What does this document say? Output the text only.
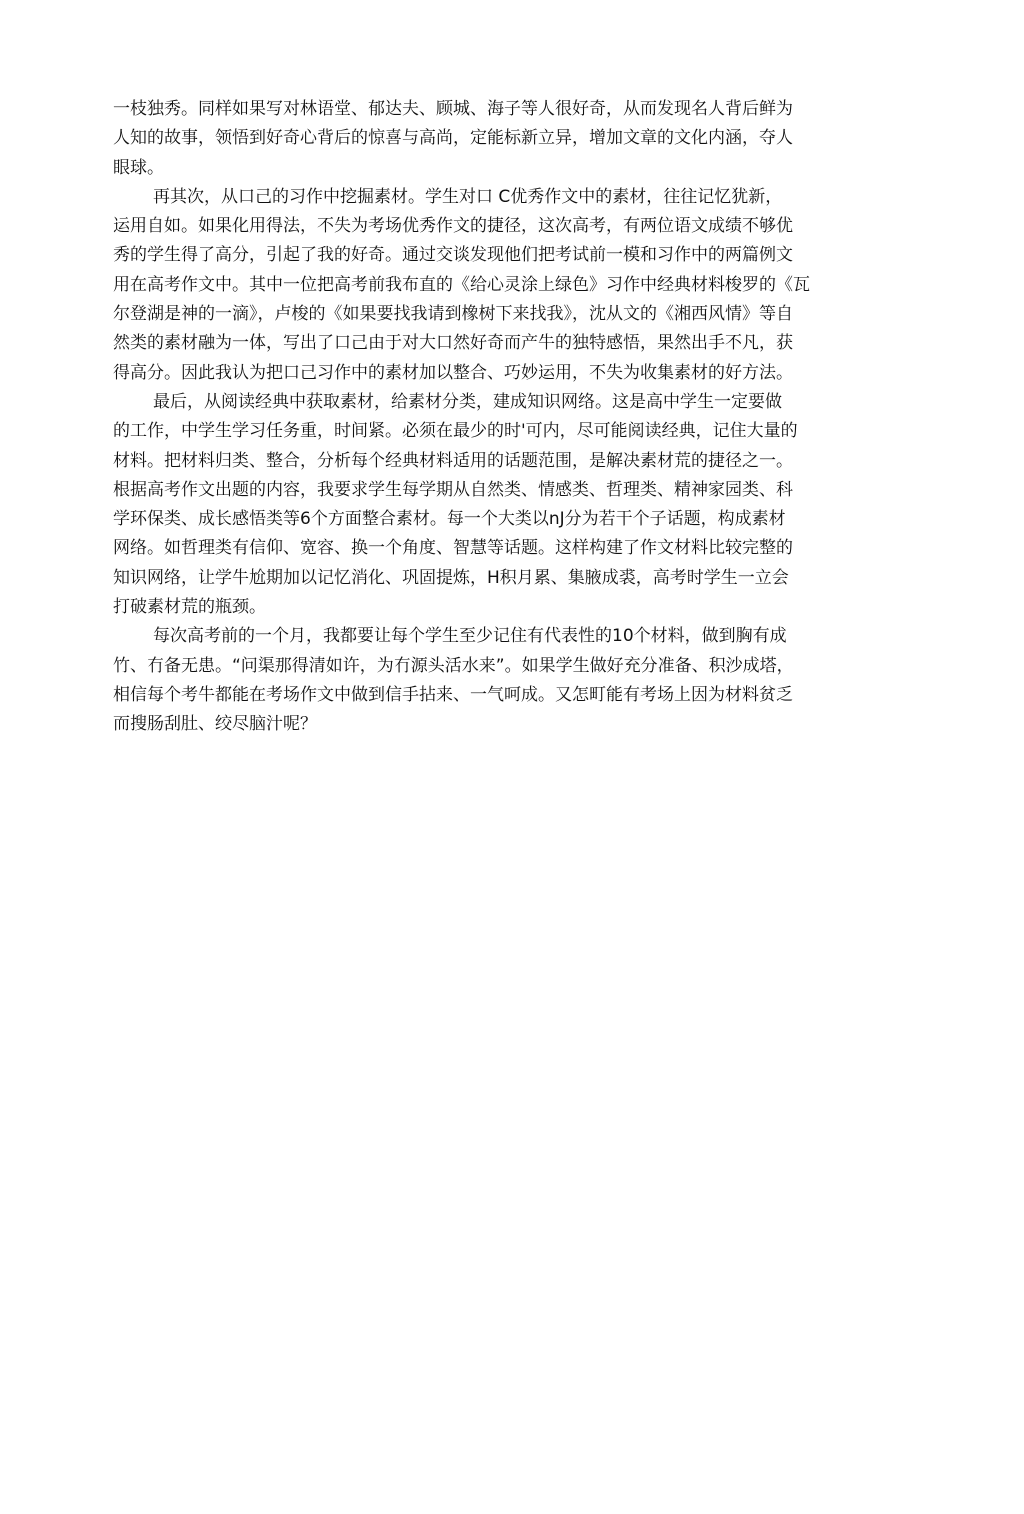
一枝独秀。同样如果写对林语堂、郁达夫、顾城、海子等人很好奇，从而发现名人背后鲜为
人知的故事，领悟到好奇心背后的惊喜与高尚，定能标新立异，增加文章的文化内涵，夺人
眼球。
再其次，从口己的习作中挖掘素材。学生对口 C优秀作文中的素材，往往记忆犹新，
运用自如。如果化用得法，不失为考场优秀作文的捷径，这次高考，有两位语文成绩不够优
秀的学生得了高分，引起了我的好奇。通过交谈发现他们把考试前一模和习作中的两篇例文
用在高考作文中。其中一位把高考前我布直的《给心灵涂上绿色》习作中经典材料梭罗的《瓦
尔登湖是神的一滴》，卢梭的《如果要找我请到橡树下来找我》，沈从文的《湘西风情》等自
然类的素材融为一体，写出了口己由于对大口然好奇而产牛的独特感悟，果然出手不凡，获
得高分。因此我认为把口己习作中的素材加以整合、巧妙运用，不失为收集素材的好方法。
最后，从阅读经典中获取素材，给素材分类，建成知识网络。这是高中学生一定要做
的工作，中学生学习任务重，时间紧。必须在最少的时'可内，尽可能阅读经典，记住大量的
材料。把材料归类、整合，分析每个经典材料适用的话题范围，是解决素材荒的捷径之一。
根据高考作文出题的内容，我要求学生每学期从自然类、情感类、哲理类、精神家园类、科
学环保类、成长感悟类等6个方面整合素材。每一个大类以nJ分为若干个子话题，构成素材
网络。如哲理类有信仰、宽容、换一个角度、智慧等话题。这样构建了作文材料比较完整的
知识网络，让学牛尬期加以记忆消化、巩固提炼，H积月累、集腋成裘，高考时学生一立会
打破素材荒的瓶颈。
每次高考前的一个月，我都要让每个学生至少记住有代表性的10个材料，做到胸有成
竹、冇备无患。“问渠那得清如许，为冇源头活水来”。如果学生做好充分准备、积沙成塔，
相信每个考牛都能在考场作文中做到信手拈来、一气呵成。又怎町能有考场上因为材料贫乏
而搜肠刮肚、绞尽脑汁呢？
